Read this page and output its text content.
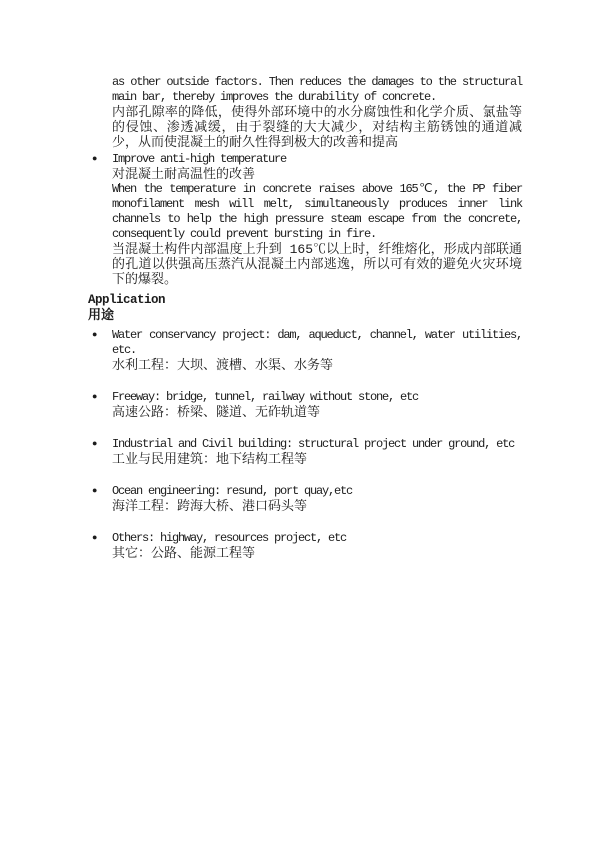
as other outside factors. Then reduces the damages to the structural main bar, thereby improves the durability of concrete.
内部孔隙率的降低，使得外部环境中的水分腐蚀性和化学介质、氯盐等的侵蚀、渗透减缓，由于裂缝的大大减少，对结构主筋锈蚀的通道减少，从而使混凝土的耐久性得到极大的改善和提高
● Improve anti-high temperature
对混凝土耐高温性的改善
When the temperature in concrete raises above 165℃, the PP fiber monofilament mesh will melt, simultaneously produces inner link channels to help the high pressure steam escape from the concrete, consequently could prevent bursting in fire.
当混凝土构件内部温度上升到 165℃以上时，纤维熔化，形成内部联通的孔道以供强高压蒸汽从混凝土内部逃逸，所以可有效的避免火灾环境下的爆裂。
Application
用途
● Water conservancy project: dam, aqueduct, channel, water utilities, etc.
水利工程：大坝、渡槽、水渠、水务等
● Freeway: bridge, tunnel, railway without stone, etc
高速公路：桥梁、隧道、无砟轨道等
● Industrial and Civil building: structural project under ground, etc
工业与民用建筑：地下结构工程等
● Ocean engineering: resund, port quay,etc
海洋工程：跨海大桥、港口码头等
● Others: highway, resources project, etc
其它：公路、能源工程等
